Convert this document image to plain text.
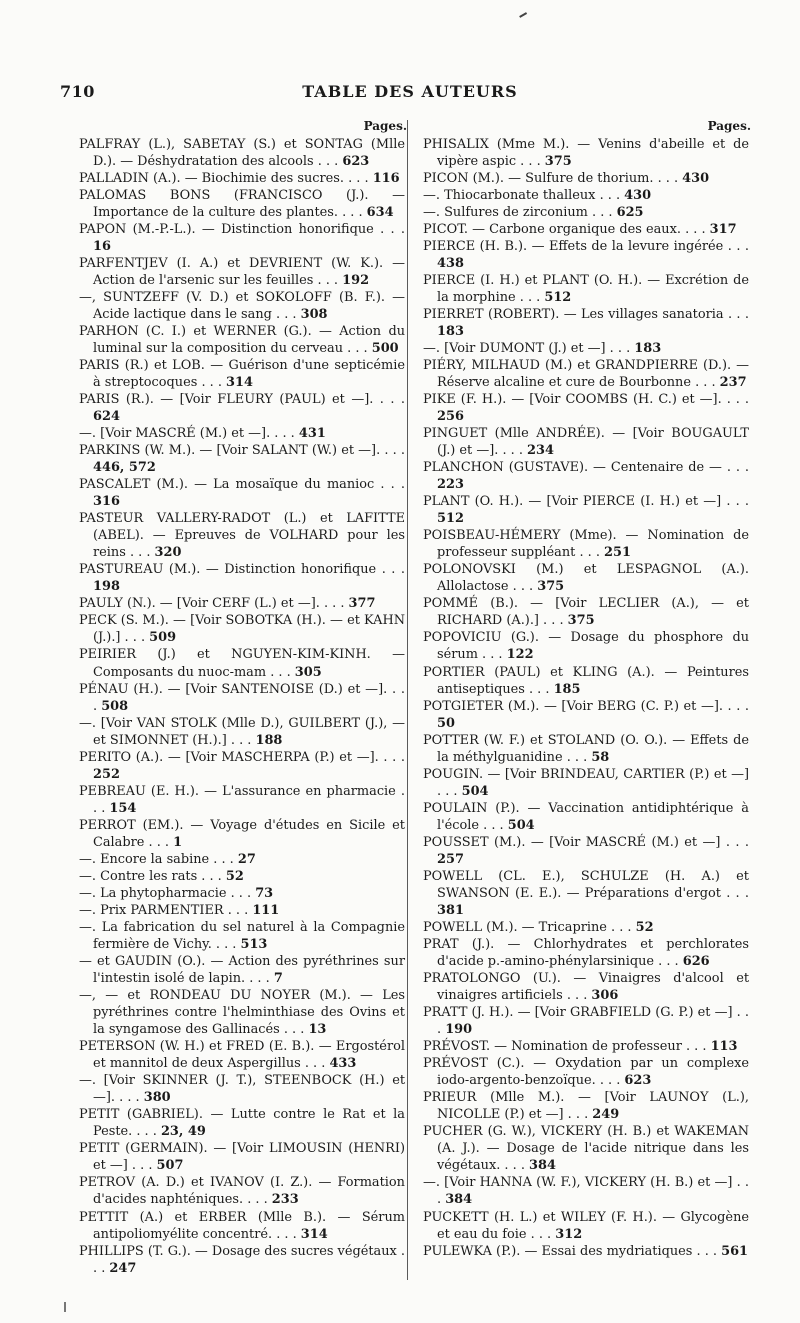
710	TABLE DES AUTEURS
Pages.
PALFRAY (L.), SABETAY (S.) et SONTAG (Mlle D.). — Déshydratation des alcools . . . 623
PALLADIN (A.). — Biochimie des sucres. . . . 116
PALOMAS BONS (FRANCISCO (J.). — Importance de la culture des plantes. . . . 634
PAPON (M.-P.-L.). — Distinction honorifique . . . 16
PARFENTJEV (I. A.) et DEVRIENT (W. K.). — Action de l'arsenic sur les feuilles . . . 192
—, SUNTZEFF (V. D.) et SOKOLOFF (B. F.). — Acide lactique dans le sang . . . 308
PARHON (C. I.) et WERNER (G.). — Action du luminal sur la composition du cerveau . . . 500
PARIS (R.) et LOB. — Guérison d'une septicémie à streptocoques . . . 314
PARIS (R.). — [Voir FLEURY (PAUL) et —]. . . . 624
—. [Voir MASCRÉ (M.) et —]. . . . 431
PARKINS (W. M.). — [Voir SALANT (W.) et —]. . . . 446, 572
PASCALET (M.). — La mosaïque du manioc . . . 316
PASTEUR VALLERY-RADOT (L.) et LAFITTE (ABEL). — Epreuves de VOLHARD pour les reins . . . 320
PASTUREAU (M.). — Distinction honorifique . . . 198
PAULY (N.). — [Voir CERF (L.) et —]. . . . 377
PECK (S. M.). — [Voir SOBOTKA (H.). — et KAHN (J.).] . . . 509
PEIRIER (J.) et NGUYEN-KIM-KINH. — Composants du nuoc-mam . . . 305
PÉNAU (H.). — [Voir SANTENOISE (D.) et —]. . . . 508
—. [Voir VAN STOLK (Mlle D.), GUILBERT (J.), — et SIMONNET (H.).] . . . 188
PERITO (A.). — [Voir MASCHERPA (P.) et —]. . . . 252
PEBREAU (E. H.). — L'assurance en pharmacie . . . 154
PERROT (EM.). — Voyage d'études en Sicile et Calabre . . . 1
—. Encore la sabine . . . 27
—. Contre les rats . . . 52
—. La phytopharmacie . . . 73
—. Prix PARMENTIER . . . 111
—. La fabrication du sel naturel à la Compagnie fermière de Vichy. . . . 513
— et GAUDIN (O.). — Action des pyréthrines sur l'intestin isolé de lapin. . . . 7
—, — et RONDEAU DU NOYER (M.). — Les pyréthrines contre l'helminthiase des Ovins et la syngamose des Gallinacés . . . 13
PETERSON (W. H.) et FRED (E. B.). — Ergostérol et mannitol de deux Aspergillus . . . 433
—. [Voir SKINNER (J. T.), STEENBOCK (H.) et —]. . . . 380
PETIT (GABRIEL). — Lutte contre le Rat et la Peste. . . . 23, 49
PETIT (GERMAIN). — [Voir LIMOUSIN (HENRI) et —] . . . 507
PETROV (A. D.) et IVANOV (I. Z.). — Formation d'acides naphténiques. . . . 233
PETTIT (A.) et ERBER (Mlle B.). — Sérum antipoliomyélite concentré. . . . 314
PHILLIPS (T. G.). — Dosage des sucres végétaux . . . 247
Pages.
PHISALIX (Mme M.). — Venins d'abeille et de vipère aspic . . . 375
PICON (M.). — Sulfure de thorium. . . . 430
—. Thiocarbonate thalleux . . . 430
—. Sulfures de zirconium . . . 625
PICOT. — Carbone organique des eaux. . . . 317
PIERCE (H. B.). — Effets de la levure ingérée . . . 438
PIERCE (I. H.) et PLANT (O. H.). — Excrétion de la morphine . . . 512
PIERRET (ROBERT). — Les villages sanatoria . . . 183
—. [Voir DUMONT (J.) et —] . . . 183
PIÉRY, MILHAUD (M.) et GRANDPIERRE (D.). — Réserve alcaline et cure de Bourbonne . . . 237
PIKE (F. H.). — [Voir COOMBS (H. C.) et —]. . . . 256
PINGUET (Mlle ANDRÉE). — [Voir BOUGAULT (J.) et —]. . . . 234
PLANCHON (GUSTAVE). — Centenaire de — . . . 223
PLANT (O. H.). — [Voir PIERCE (I. H.) et —] . . . 512
POISBEAU-HÉMERY (Mme). — Nomination de professeur suppléant . . . 251
POLONOVSKI (M.) et LESPAGNOL (A.). Allolactose . . . 375
POMMÉ (B.). — [Voir LECLIER (A.), — et RICHARD (A.).] . . . 375
POPOVICIU (G.). — Dosage du phosphore du sérum . . . 122
PORTIER (PAUL) et KLING (A.). — Peintures antiseptiques . . . 185
POTGIETER (M.). — [Voir BERG (C. P.) et —]. . . . 50
POTTER (W. F.) et STOLAND (O. O.). — Effets de la méthylguanidine . . . 58
POUGIN. — [Voir BRINDEAU, CARTIER (P.) et —] . . . 504
POULAIN (P.). — Vaccination antidiphtérique à l'école . . . 504
POUSSET (M.). — [Voir MASCRÉ (M.) et —] . . . 257
POWELL (CL. E.), SCHULZE (H. A.) et SWANSON (E. E.). — Préparations d'ergot . . . 381
POWELL (M.). — Tricaprine . . . 52
PRAT (J.). — Chlorhydrates et perchlorates d'acide p.-amino-phénylarsinique . . . 626
PRATOLONGO (U.). — Vinaigres d'alcool et vinaigres artificiels . . . 306
PRATT (J. H.). — [Voir GRABFIELD (G. P.) et —] . . . 190
PRÉVOST. — Nomination de professeur . . . 113
PRÉVOST (C.). — Oxydation par un complexe iodo-argento-benzoïque. . . . 623
PRIEUR (Mlle M.). — [Voir LAUNOY (L.), NICOLLE (P.) et —] . . . 249
PUCHER (G. W.), VICKERY (H. B.) et WAKEMAN (A. J.). — Dosage de l'acide nitrique dans les végétaux. . . . 384
—. [Voir HANNA (W. F.), VICKERY (H. B.) et —] . . . 384
PUCKETT (H. L.) et WILEY (F. H.). — Glycogène et eau du foie . . . 312
PULEWKA (P.). — Essai des mydriatiques . . . 561
